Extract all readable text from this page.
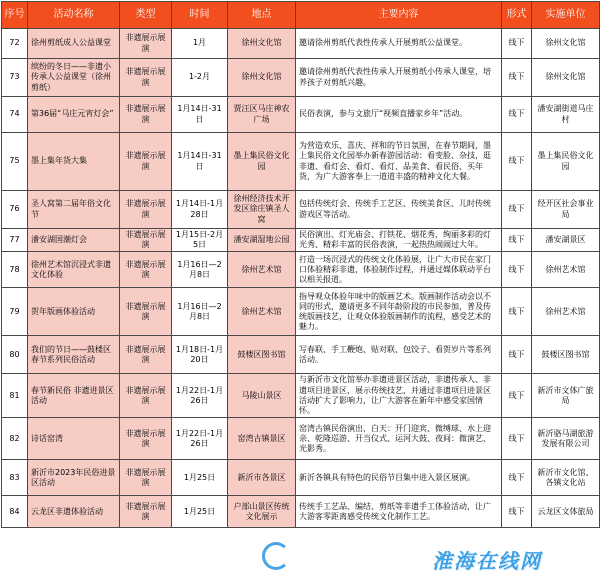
序号	活动名称	类型	时间	地点	主要内容	形式	实施单位
72	徐州剪纸成人公益课堂	非遗展示展演	1月	徐州文化馆	邀请徐州剪纸代表性传承人开展剪纸公益课堂。	线下	徐州文化馆
73	缤纷的冬日——非遗小传承人公益课堂（徐州剪纸）	非遗展示展演	1-2月	徐州文化馆	邀请徐州剪纸代表性传承人开展剪纸小传承人课堂，培养孩子对剪纸兴趣。	线下	徐州文化馆
74	第36届“马庄元宵灯会”	非遗展示展演	1月14日-31日	贾汪区马庄神农广场	民俗表演，参与文旅厅“视频直播家乡年”活动。	线下	潘安湖街道马庄村
75	墨上集年货大集	非遗展示展演	1月14日-31日	墨上集民俗文化园	为营造欢乐、喜庆、祥和的节日氛围，在春节期间，墨上集民俗文化园举办新春游园活动：看变脸、杂技，逛非遗、看灯会、看灯、看灯、品美食、看民俗、买年货，为广大游客奉上一道道丰盛的精神文化大餐。	线下	墨上集民俗文化园
76	圣人窝第二届年俗文化节	非遗展示展演	1月14日-1月28日	徐州经济技术开发区徐庄镇圣人窝	包括传统灯会、传统手工艺区、传统美食区、儿时传统游戏区等活动。	线下	经开区社会事业局
77	潘安湖国潮灯会	非遗展示展演	1月15日-2月5日	潘安湖湿地公园	民俗演出、灯光庙会、打铁花、烟花秀，绚丽多彩的灯光秀、精彩丰富的民俗表演，一起热热闹闹过大年。	线下	潘安湖景区
78	徐州艺术馆沉浸式非遗文化体验	非遗展示展演	1月16日—2月8日	徐州艺术馆	打造一场沉浸式的传统文化体验展，让广大市民在家门口体验精彩非遗，体验制作过程，并通过媒体联动平台以相关报道。	线下	徐州艺术馆
79	贺年版画体验活动	非遗展示展演	1月16日—2月8日	徐州艺术馆	指导观众体验年味中的版画艺术。版画制作活动会以不同的形式，邀请更多不同年龄阶段的市民参加，普及传统版画技艺，让观众体验版画制作的流程，感受艺术的魅力。	线下	徐州艺术馆
80	我们的节日——鼓楼区春节系列民俗活动	非遗展示展演	1月18日-1月20日	鼓楼区图书馆	写春联、手工鞭炮、贴对联、包饺子、看贺岁片等系列活动。	线下	鼓楼区图书馆
81	春节新民俗 非遗进景区活动	非遗展示展演	1月22日-1月26日	马陵山景区	与新沂市文化馆举办非遗进景区活动，非遗传承人、非遗项目进景区，展示传统技艺，并通过非遗项目进景区活动扩大了影响力，让广大游客在新年中感受家国情怀。	线下	新沂市文体广旅局
82	诗话窑湾	非遗展示展演	1月22日-1月26日	窑湾古镇景区	窑湾古镇民俗演出，白天：开门迎宾、微缚球、水上迎亲、乾隆巡游、开当仪式、运河大鼓、夜间：微演艺、光影秀。	线下	新沂骆马湖旅游发展有限公司
83	新沂市2023年民俗进景区活动	非遗展示展演	1月25日	新沂市各景区	新沂各镇具有特色的民俗节目集中进入景区展演。	线下	新沂市文化馆、各镇文化站
84	云龙区非遗体验活动	非遗展示展演	1月25日	户部山景区传统文化展示	传统手工艺品、编结、剪纸等非遗手工体验活动，让广大游客零距离感受传统文化制作工艺。	线下	云龙区文体旅局
淮海在线网
